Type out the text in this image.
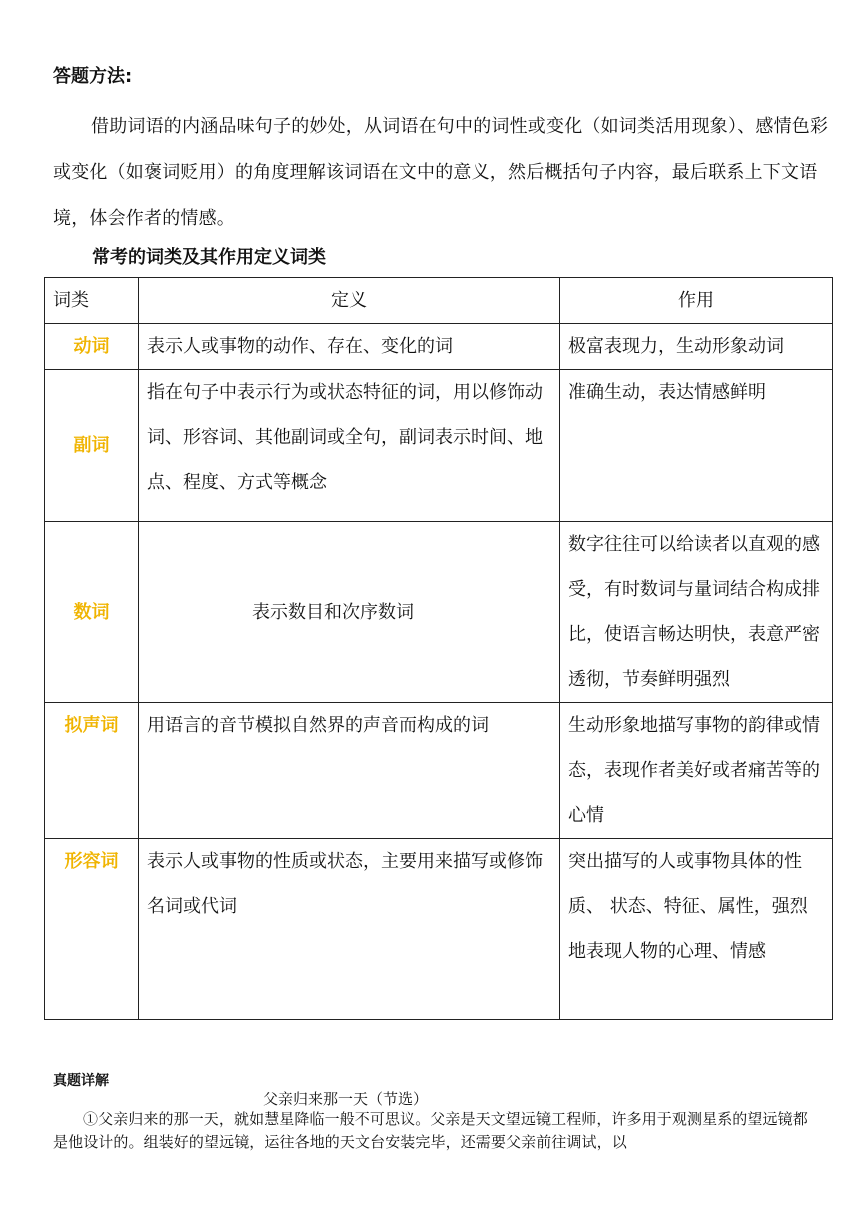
答题方法:
借助词语的内涵品味句子的妙处，从词语在句中的词性或变化（如词类活用现象）、感情色彩或变化（如褒词贬用）的角度理解该词语在文中的意义，然后概括句子内容，最后联系上下文语境，体会作者的情感。
常考的词类及其作用定义词类
词类	定义	作用
动词	表示人或事物的动作、存在、变化的词	极富表现力，生动形象动词
副词	指在句子中表示行为或状态特征的词，用以修饰动词、形容词、其他副词或全句，副词表示时间、地点、程度、方式等概念	准确生动，表达情感鲜明
数词	表示数目和次序数词	数字往往可以给读者以直观的感受，有时数词与量词结合构成排比，使语言畅达明快，表意严密透彻，节奏鲜明强烈
拟声词	用语言的音节模拟自然界的声音而构成的词	生动形象地描写事物的韵律或情态，表现作者美好或者痛苦等的心情
形容词	表示人或事物的性质或状态，主要用来描写或修饰名词或代词	突出描写的人或事物具体的性质、 状态、特征、属性，强烈地表现人物的心理、情感
真题详解
父亲归来那一天（节选）
①父亲归来的那一天，就如慧星降临一般不可思议。父亲是天文望远镜工程师，许多用于观测星系的望远镜都是他设计的。组装好的望远镜，运往各地的天文台安装完毕，还需要父亲前往调试，以
